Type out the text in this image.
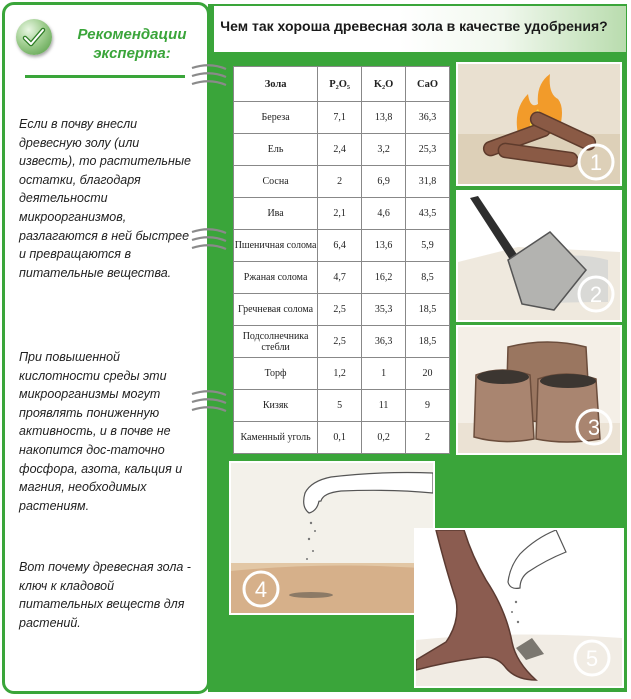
Рекомендации эксперта:
Если в почву внесли древесную золу (или известь), то растительные остатки, благодаря деятельности микроорганизмов, разлагаются в ней быстрее и превращаются в питательные вещества.
При повышенной кислотности среды эти микроорганизмы могут проявлять пониженную активность, и в почве не накопится дос-таточно фосфора, азота, кальция и магния, необходимых растениям.
Вот почему древесная зола - ключ к кладовой питательных веществ для растений.
Чем так хороша древесная зола в качестве удобрения?
Зола	P₂O₅	K₂O	CaO
Береза	7,1	13,8	36,3
Ель	2,4	3,2	25,3
Сосна	2	6,9	31,8
Ива	2,1	4,6	43,5
Пшеничная солома	6,4	13,6	5,9
Ржаная солома	4,7	16,2	8,5
Гречневая солома	2,5	35,3	18,5
Подсолнечника стебли	2,5	36,3	18,5
Торф	1,2	1	20
Кизяк	5	11	9
Каменный уголь	0,1	0,2	2
1
2
3
4
5
